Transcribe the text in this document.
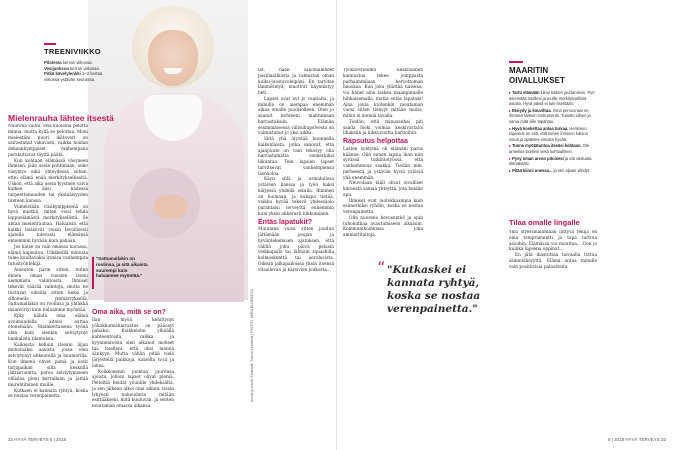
TREENIVIIKKO
Pilatesta kerran viikossa.
Vesijuoksua kerran viikossa.
Pitkä kävelylenkki 1–2 kertaa
viikossa ystävän seurassa.
Mielenrauha lähtee itsestä

Nuorena väitin, että kuolema pelotta minua, mutta kyllä se pelottaa. Moni mielestäni nuori ikätoveri on sairastunut vakavasti, vaikka hoidan dekaankymppiset vanhempana porskuttavat täyttä päätä.

Kun kohtaan elämässä väsyneen ihmisen, jään usein pohtimaan, onko väsymys eikä yhteydessä siihen, ettei elämä enää merkitykselliseltä. Uskon, että aika usein fyysinen vaiva kulkee käsi kädessä tarpeettomuuden tai yksinäisyyden tunteen kanssa.

Viimeistään viisikymppisenä on hyvä miettiä, miten voisi tehdä loppuelämästä merkityksellistä. Se antaa mielenrauhaa. Haluaisin, että kaikki lisäisivät voisin levollisesti ajatella tulevasti elämänsä ennemmin hyvään kuin pahaan.

Jos katse on vain omassa navassa, elämä kapeutuu. Ulkkkeillä minusta tulee kuultavaksi ironisa vanhempita tutustyöntekijä.

Aineuten pärin sitten, miten ennen oman vuosien itseni aiemmista valintoista. Ihmiset tekevät väärää valintoja, mutta ne tuotuvat oikeilla sitten keksi ja silloinella ymmärryksellä. Sattumallakin on roolinsa ja yhtäkkä maanviriyi kuin haluamme myöntää.

Kyky nähdä oma elämä avoimuudella aitoisi auttaa etenemään. Yksinkertaisena työnä olen kuin olenkin selviytynyt hankalista tilanteista.

Kaikeista kehuin itseäni liijan moheinaksi aaxista, jossa olen selviytynyt uhkeutellä ja huumorilla. Kun ilmenii ohvet pienä ja kotit tarjapaikan silla kesknllä jälttisroontta, paroa selviytymiseen olilisiaa pieni kerrullaan ja jättää murehtiminen muille.

Kutkaen ei kannata ryhtyä, koska se nostaa verenpainetta.

"Sattumallakin on roolinsa, ja sitä aikaista suurempi kuin haluamme myöntää."
Oma aika, mitä se on?

Ilan myöä kehittynyt yökukkumisharrastus on pääosyt pahaksi. Koikkelohn ylhäällä kahteentoista, vaikka ja kyynnentoista olen alkanut mohset taa itselleni, että olisi mennä sänkyyn. Mutta vähän pitää vielä järjestellä paikkoja, katsella tv:tä ja lukea.

Koikkonenin juontaa juurensa ajoista, jolloin lapset olivat pieniä. Peiteltin heidät yöunille yhdeksältä, ja sen jälkeen alkoi oma aikani: tiesin lyhyesti nukeudatin mitään esittääkseni, mitä kuuluvan, ja senten muutaman omassa aikansa.

Kuvat ja kuvat: Elokuvat, Sanna Lindstedt | PHOTO: MIRA ELORANTA

lat, haen sanomalehdet postilaatikosta ja valmistan oman kulku-juostovoleipäni. En tarvitse lämmittelyä, muottori käynnistyy heti.

Lapset ovat nyt jo vaatiaita, ja minulla on aiempaa enemmän aikaa omalle puolisolleen. Olen jo saanut kohteeni mahtumaan harrastuksiin. Elämän essimmäisessä välisukupolvesta on valmistunut jo yksi aikka.

Siltä yhä äryntää kuunnella kaikenlaista, jotka sanovat, että ajanpuute on vain tekosyy olla harrastamatta esimerkiksi liikuntaa. Tein lapsien lapset tarvitsevat vanhempiensa läsnäoloa.

Käyn sillä ja urmaluilosa ystävien kanssa ja lyön kaksi kärjessä yhdellä iskulla. Ihminen on luomaan, ja kukapa tietää, vaikka hyvää tekevä yhdessäolo parantaisi terveyttä ennemmin kuin yksin ahkerasti liikkuminen.

Entäs lapatukit?

Muutama vuosi sitten joudun jättämään joogan ja hyväntekemisen ajatuksen, että välillä joku päivä pelasin veikkapallo tai lähtisin squashilla kolmoskenttä tai aerobicista. Oikean jalkapalloissa yksin itsensä vitsailevan ja kärsivien joukosta...

32 HYVÄ TERVEYS 5 | 2018

Työkaverieiden keskinäinen kannustus tekee joinppasta parhaimmilaan hervottoman hauskaa. Kun joku yllättää naisena, voi hänet aina laskea maanpinnalle hihkaisemalla, mutta entäs lapatuki! Aina joula kuitenkin muutaman vuosi sitten tienyyt mitään muita, mihin ei mennä tavalla.

Tiedän, että minusanhei piti saada Isoki voimaa keskivartaloi lihaksiin ja liikkuvuutta hartioihin.

Rapsutus helpottaa

Lasten syntymä oli elämäni paras käänne. Olin ennen lapsia ihan niin syvässä tutkintotyössä, että vanhemmuus saakka. Tiedän mm. perheestä ja ystävän hyviä ystäviä yhä enemmän.

Neuvolaan tääll olivat oivalliset kiireestä samaa yhteyttä, jota heidän apu.

Ihmiset ovat luotokkaampia kuin esimerkiksi ryhdin, koska se nostaa verenpainetta.

Olin nuorena hevosentkö ja opin tuhokutkaa avautumiseen aikuisiin. Kommunikoinnissa joka ammattitaitoja.

“ "Kutkaskei ei kannata ryhtyä, koska se nostaa verenpainetta."
MAARITIN OIVALLUKSET
▸Tartu elämään kiinni kaiken juurtamisen. Pyri tekemään itsellesi ja muille merkityksellisiä asioita. Hyvä päivä ei tule itsestään.
▸Etsiydy ja kouvittua. Oma persoonasi on ihmisen tärkein instrumentti. Tutustu siihen ja varoa mitä sille tapahtuu.
▸Hyvä koskettaa antaa turvaa. Henkinen rapsutus on sitä, että toinen ihminen katsoo sinua ja ajattelee sinusta hyvää.
▸Tunne myötätuntoa itseäsi kohtaan. Ole armelias itsellesi sekä kohtuullinen.
▸Pysy oman arvon pituisesi ja ota vastuuta elämästäsi.
▸Pitää kiinni unessa... ja sen sijaan viihdyt
Tilaa omalle lingalle

Yksi stressihallintaan liittyvä tekijä on oma tempramentti ja tapa tarttua asioihin. Elämässä voi muuttaa... Oon jo kuinka lapsena oppinut...

En jätä ihastuttaa taivaalla tottua säännöllisyyttä. Elämä antaa minulle vain positiivisia palautteita.

5 | 2018 HYVÄ TERVEYS 33
